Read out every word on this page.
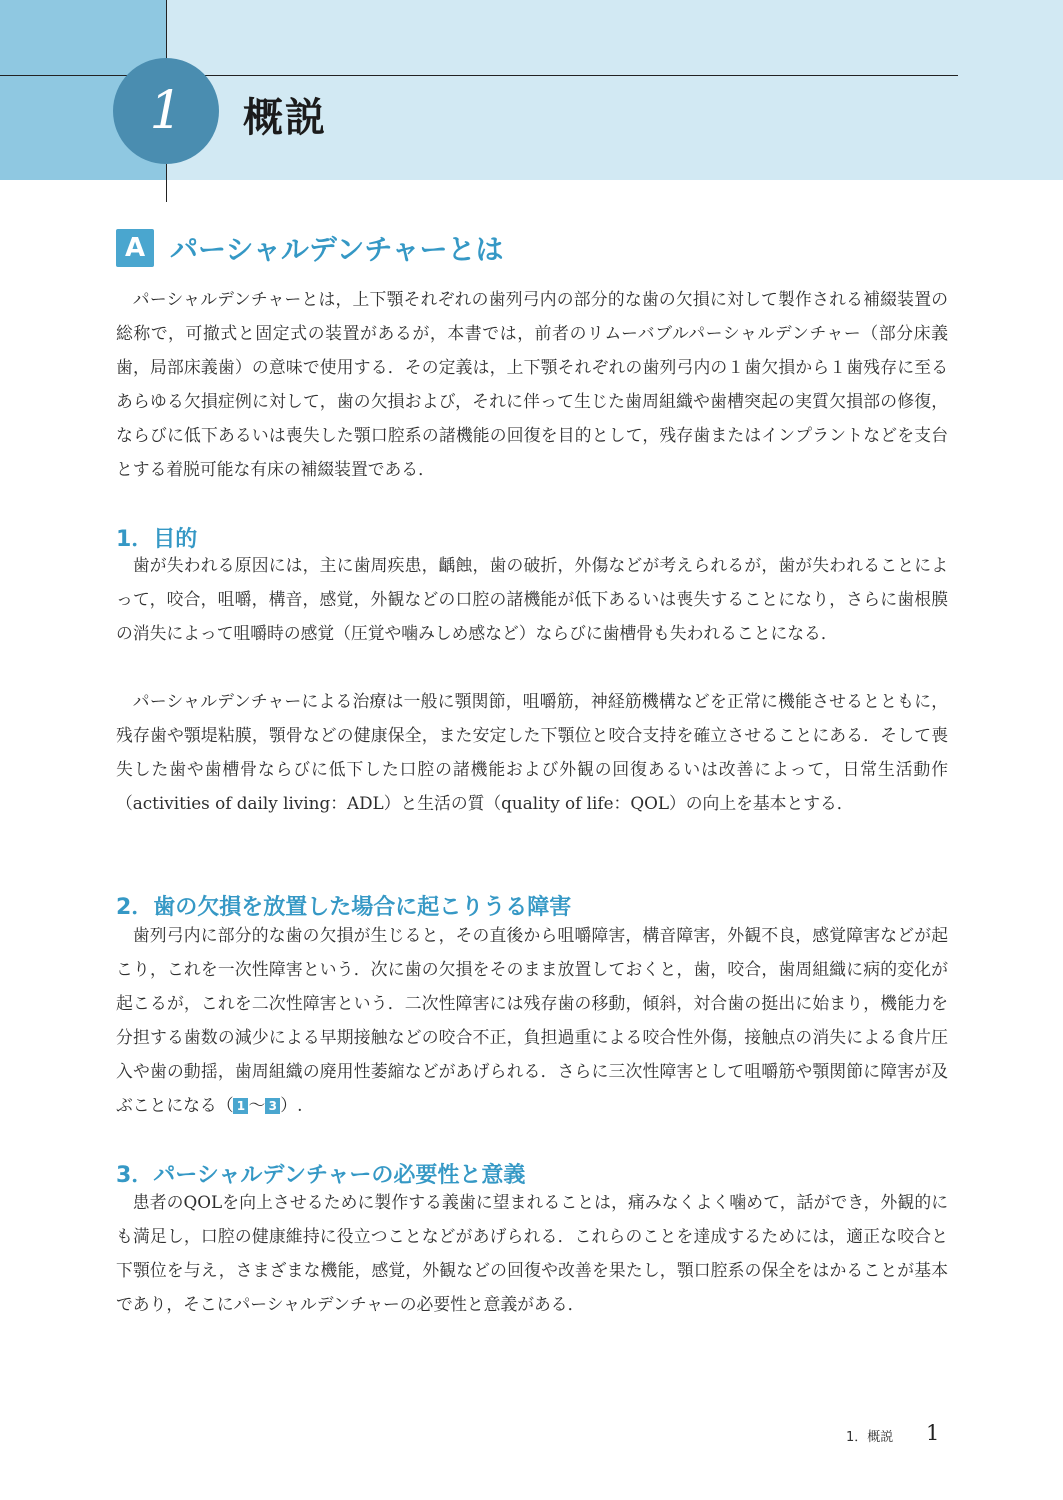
1	概説
A パーシャルデンチャーとは

パーシャルデンチャーとは，上下顎それぞれの歯列弓内の部分的な歯の欠損に対して製作される補綴装置の総称で，可撤式と固定式の装置があるが，本書では，前者のリムーバブルパーシャルデンチャー（部分床義歯，局部床義歯）の意味で使用する．その定義は，上下顎それぞれの歯列弓内の１歯欠損から１歯残存に至るあらゆる欠損症例に対して，歯の欠損および，それに伴って生じた歯周組織や歯槽突起の実質欠損部の修復，ならびに低下あるいは喪失した顎口腔系の諸機能の回復を目的として，残存歯またはインプラントなどを支台とする着脱可能な有床の補綴装置である．

1．目的

歯が失われる原因には，主に歯周疾患，齲蝕，歯の破折，外傷などが考えられるが，歯が失われることによって，咬合，咀嚼，構音，感覚，外観などの口腔の諸機能が低下あるいは喪失することになり，さらに歯根膜の消失によって咀嚼時の感覚（圧覚や噛みしめ感など）ならびに歯槽骨も失われることになる．

パーシャルデンチャーによる治療は一般に顎関節，咀嚼筋，神経筋機構などを正常に機能させるとともに，残存歯や顎堤粘膜，顎骨などの健康保全，また安定した下顎位と咬合支持を確立させることにある．そして喪失した歯や歯槽骨ならびに低下した口腔の諸機能および外観の回復あるいは改善によって，日常生活動作（activities of daily living：ADL）と生活の質（quality of life：QOL）の向上を基本とする．

2．歯の欠損を放置した場合に起こりうる障害

歯列弓内に部分的な歯の欠損が生じると，その直後から咀嚼障害，構音障害，外観不良，感覚障害などが起こり，これを一次性障害という．次に歯の欠損をそのまま放置しておくと，歯，咬合，歯周組織に病的変化が起こるが，これを二次性障害という．二次性障害には残存歯の移動，傾斜，対合歯の挺出に始まり，機能力を分担する歯数の減少による早期接触などの咬合不正，負担過重による咬合性外傷，接触点の消失による食片圧入や歯の動揺，歯周組織の廃用性萎縮などがあげられる．さらに三次性障害として咀嚼筋や顎関節に障害が及ぶことになる（ 1 ～ 3 ）.

3．パーシャルデンチャーの必要性と意義

患者のQOLを向上させるために製作する義歯に望まれることは，痛みなくよく噛めて，話ができ，外観的にも満足し，口腔の健康維持に役立つことなどがあげられる．これらのことを達成するためには，適正な咬合と下顎位を与え，さまざまな機能，感覚，外観などの回復や改善を果たし，顎口腔系の保全をはかることが基本であり，そこにパーシャルデンチャーの必要性と意義がある．

1．概説 1
